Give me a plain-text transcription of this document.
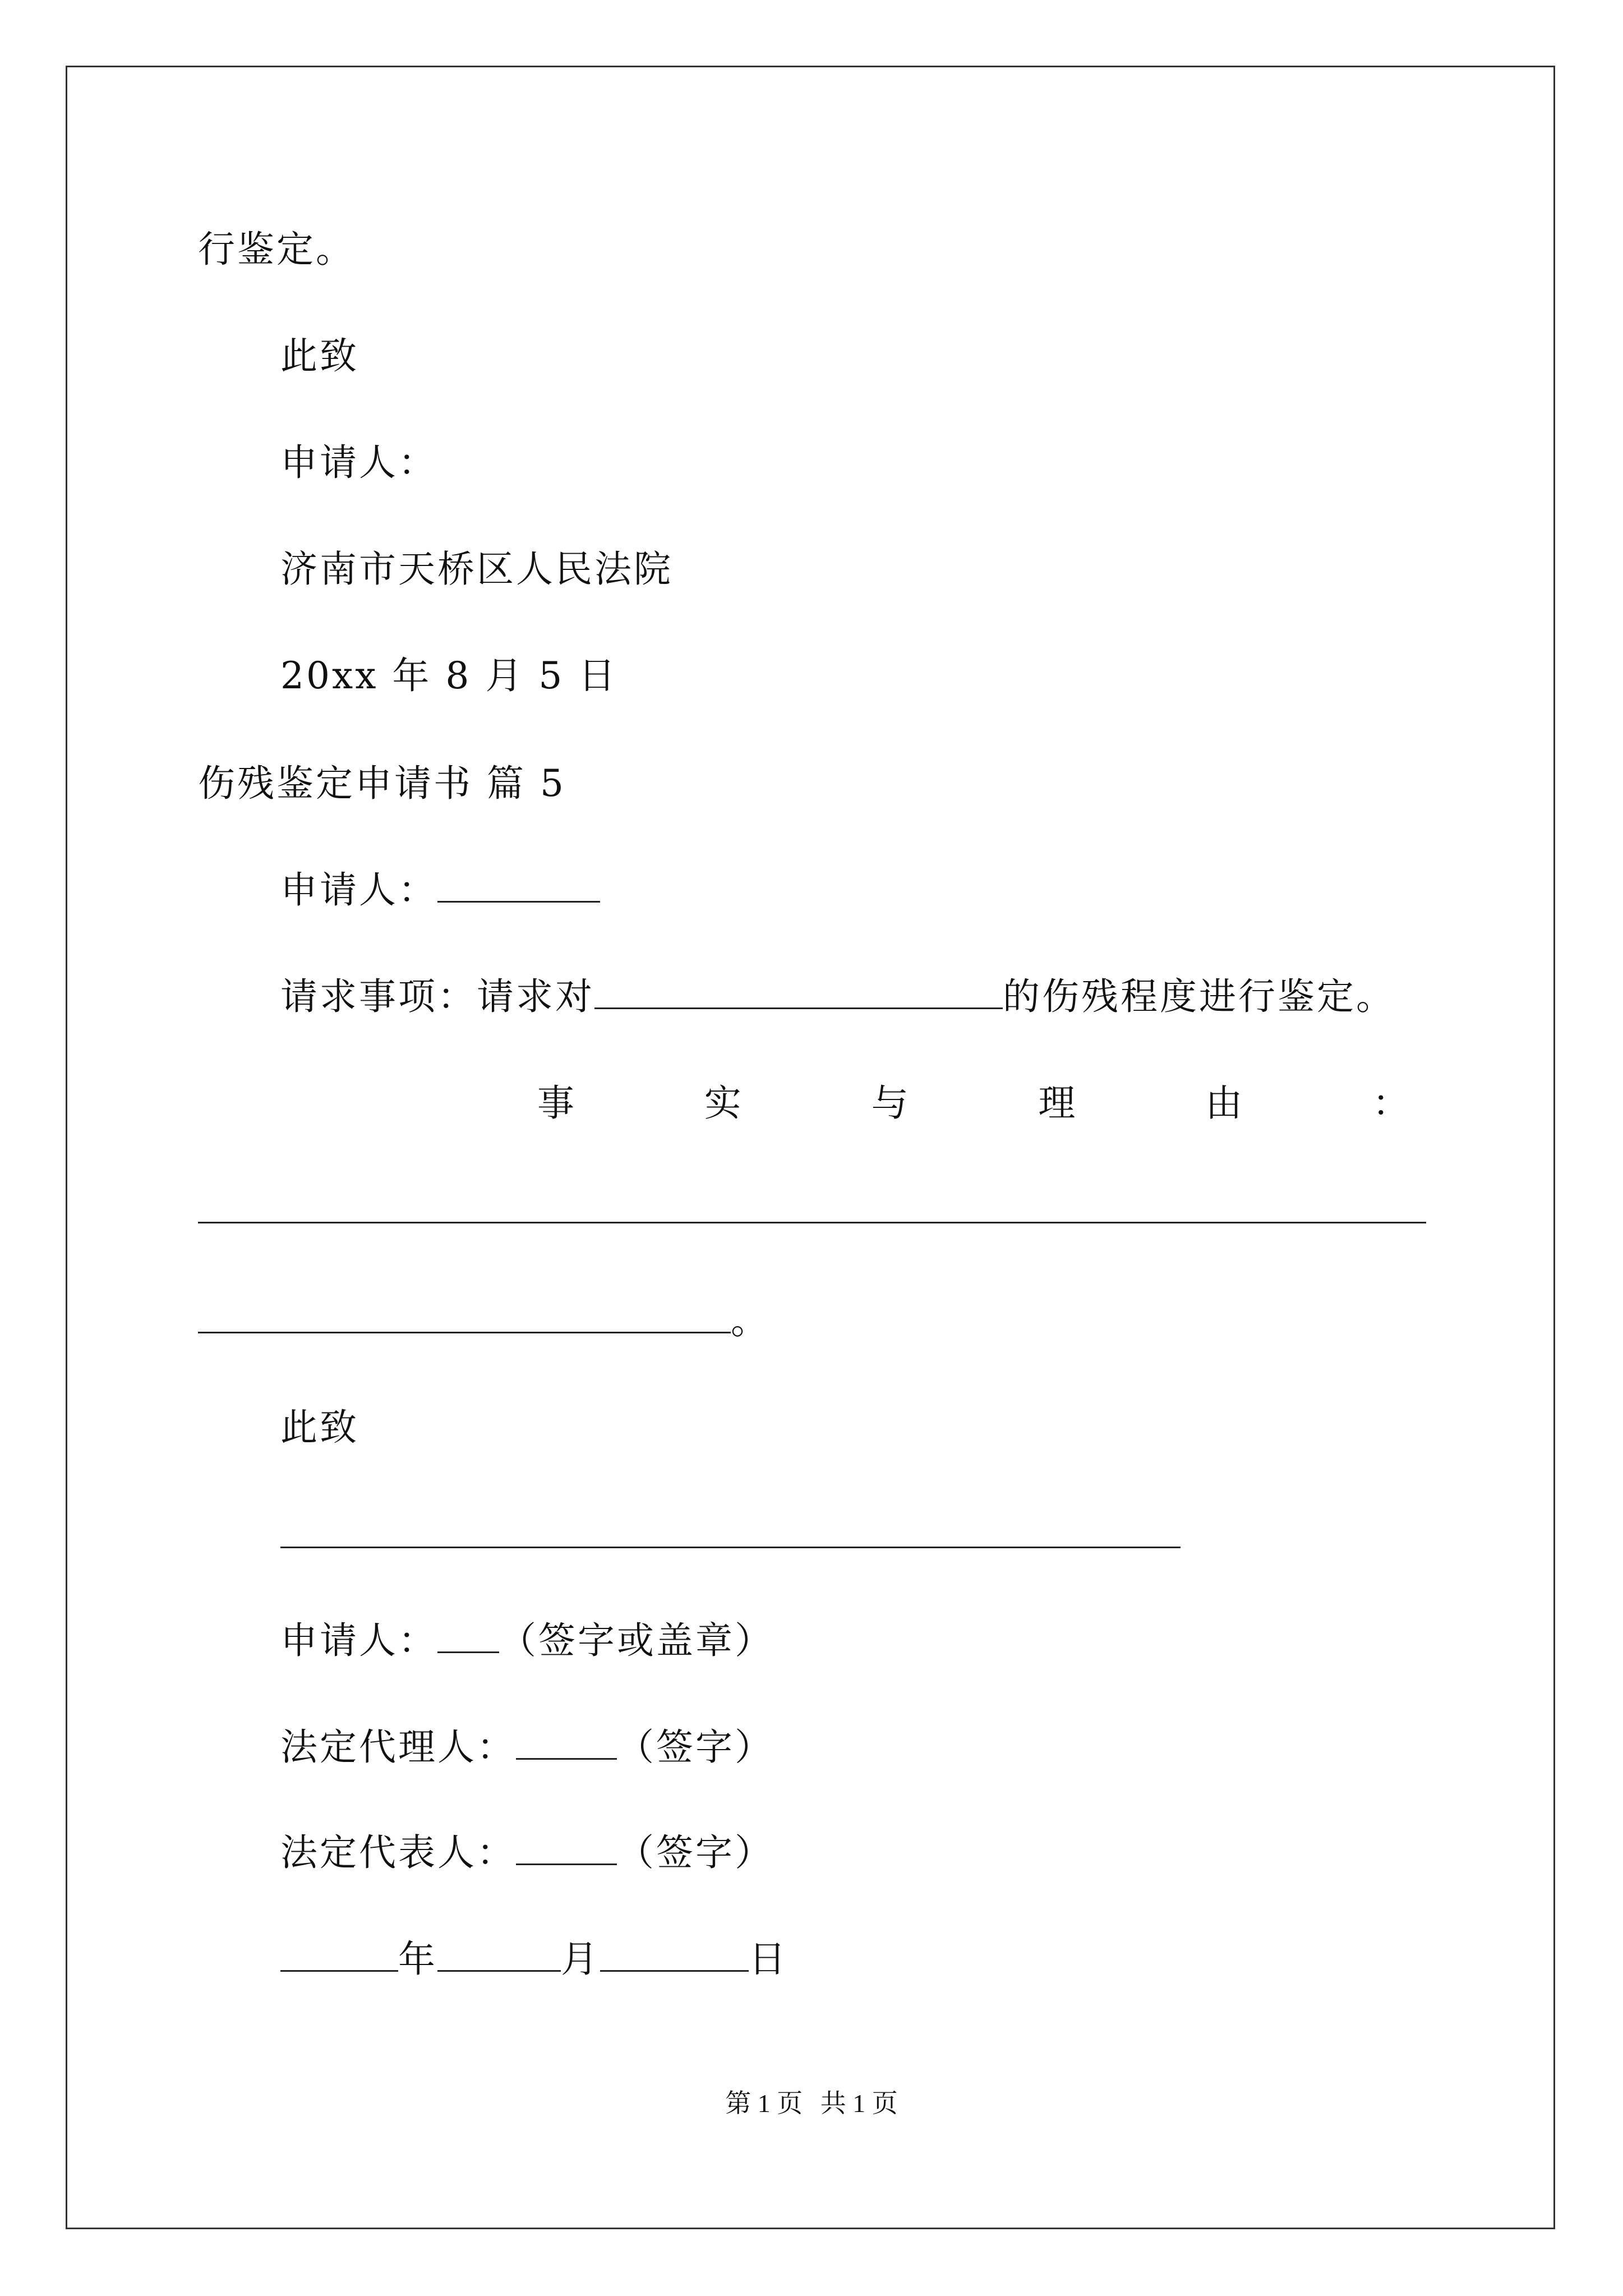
行鉴定。
此致
申请人：
济南市天桥区人民法院
20xx 年 8 月 5 日
伤残鉴定申请书 篇 5
申请人：
请求事项：请求对	的伤残程度进行鉴定。
事	实	与	理	由	：
。
此致
申请人： （签字或盖章）
法定代理人：	（签字）
法定代表人：	（签字）
年	月	日
第 1 页 共 1 页
